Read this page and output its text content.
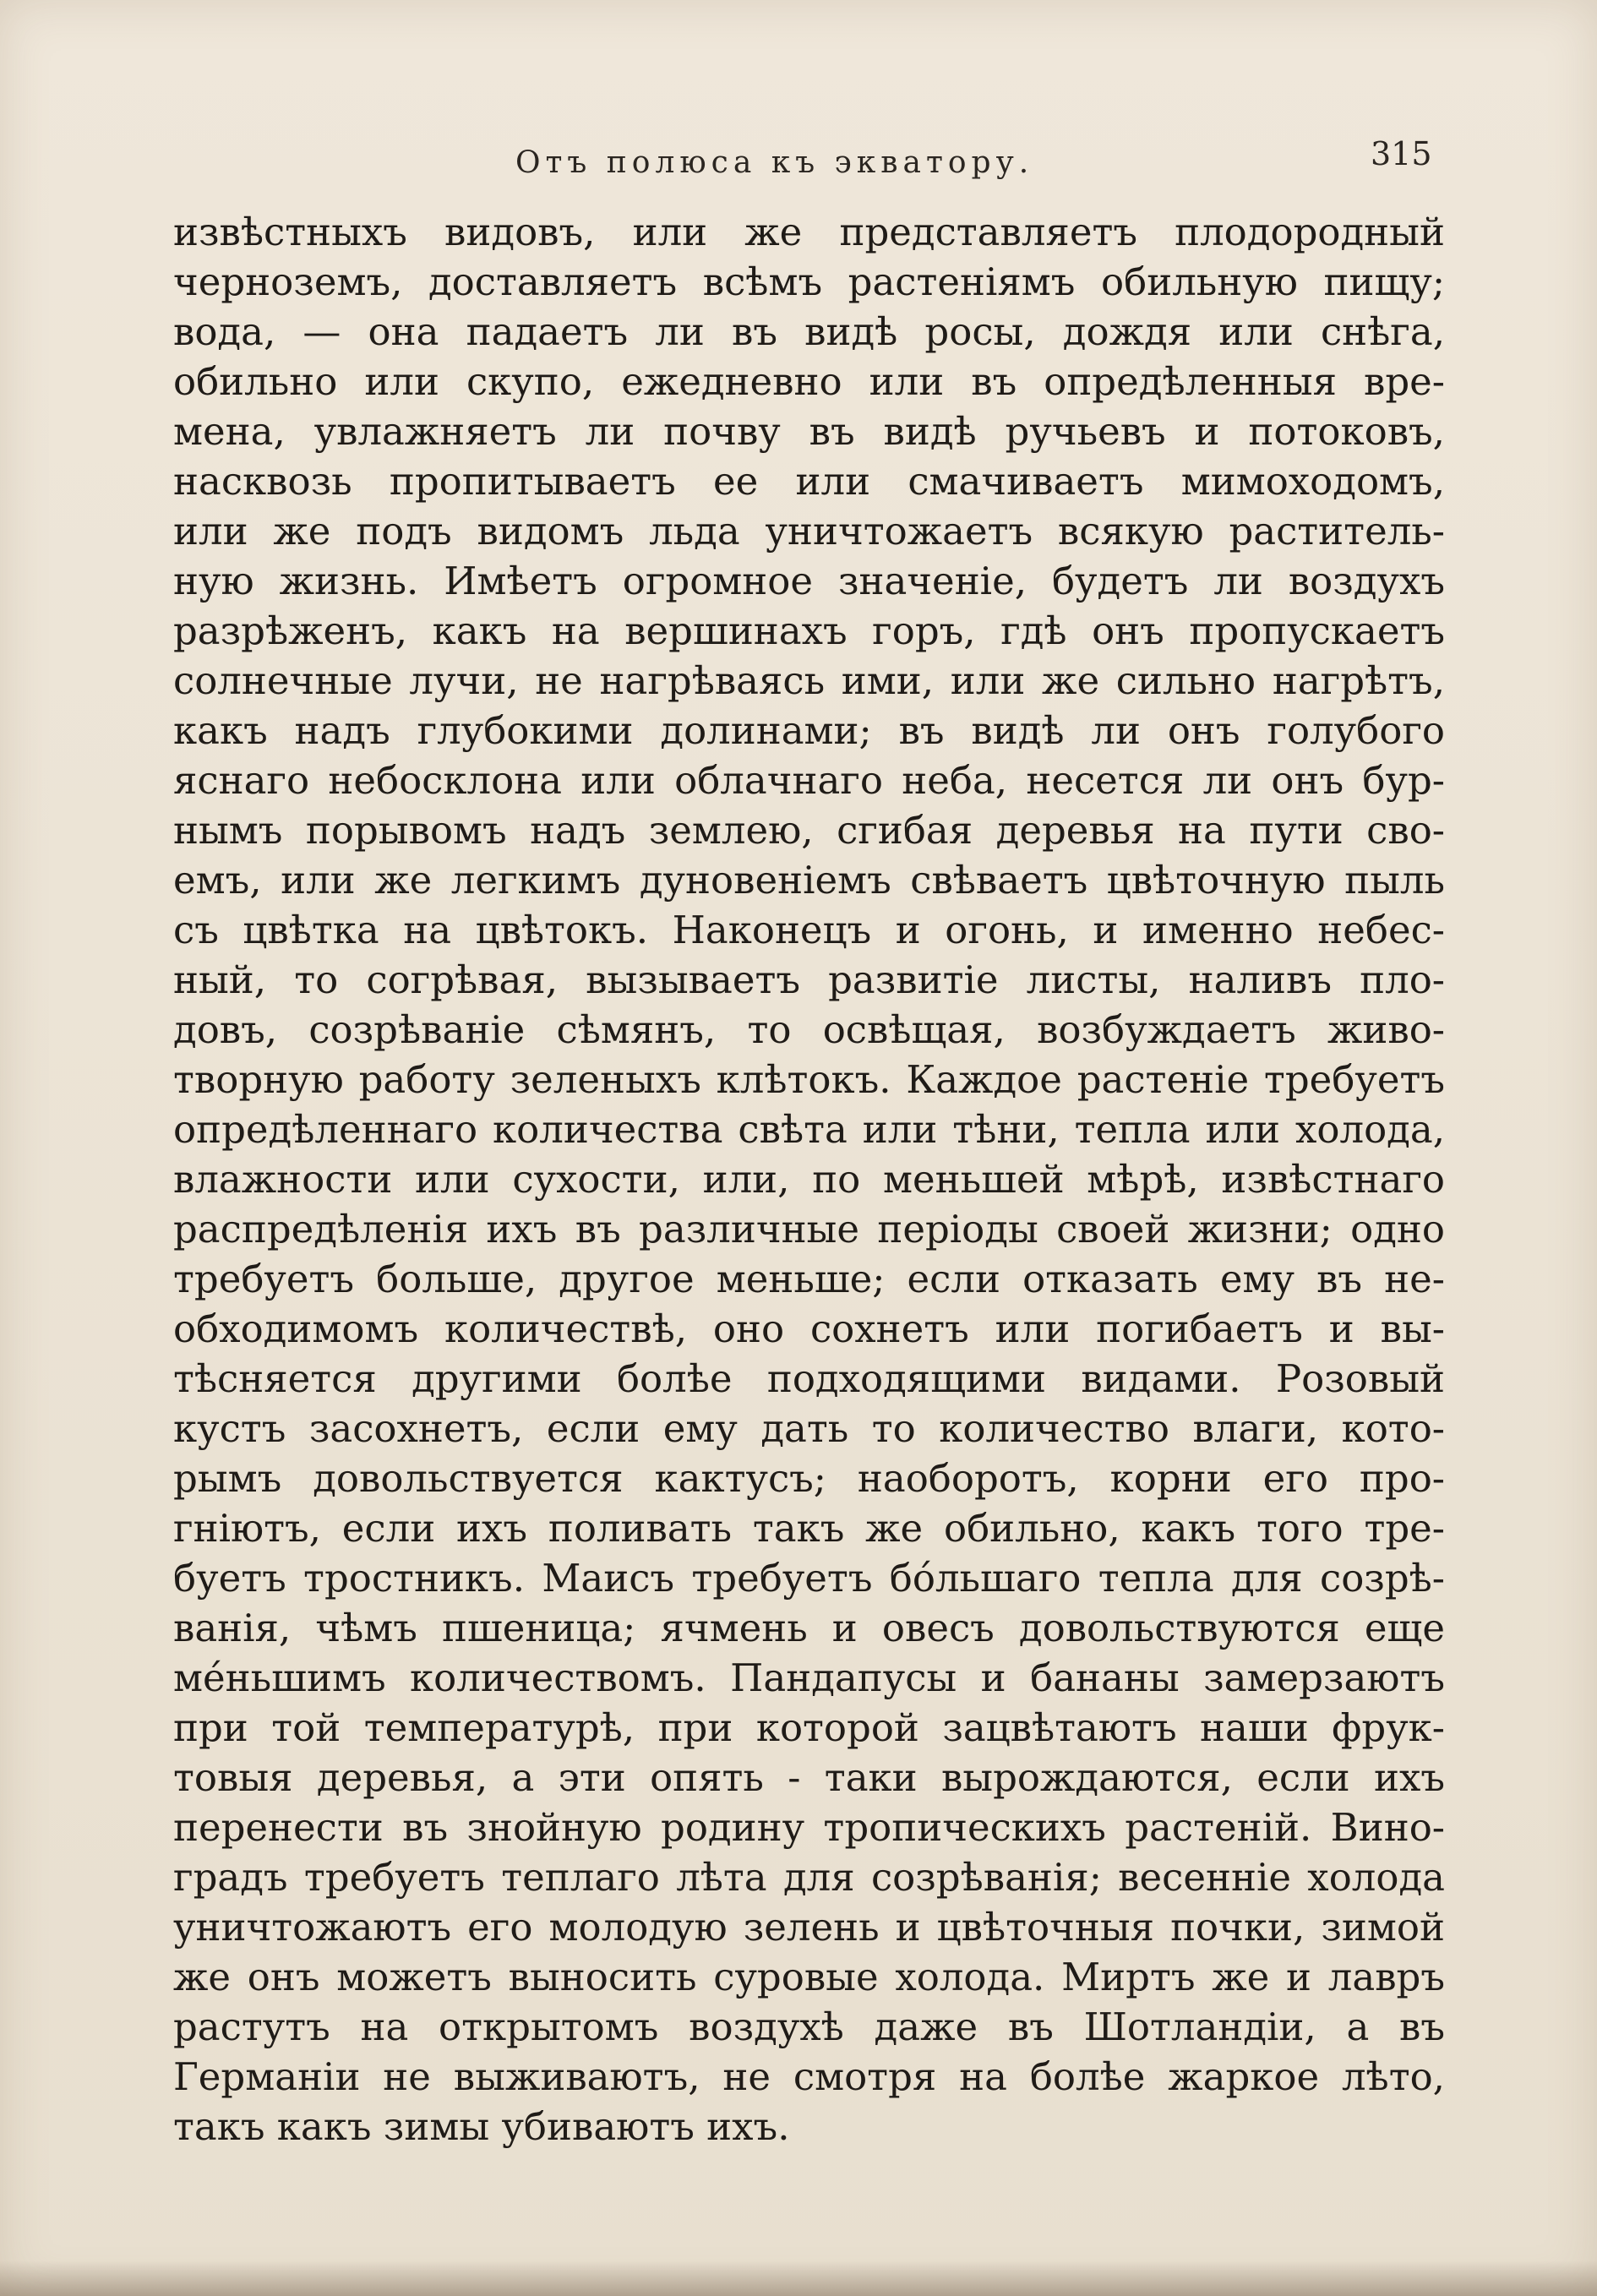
Отъ полюса къ экватору.	315
извѣстныхъ видовъ, или же представляетъ плодородный
черноземъ, доставляетъ всѣмъ растеніямъ обильную пищу;
вода, — она падаетъ ли въ видѣ росы, дождя или снѣга,
обильно или скупо, ежедневно или въ опредѣленныя вре-
мена, увлажняетъ ли почву въ видѣ ручьевъ и потоковъ,
насквозь пропитываетъ ее или смачиваетъ мимоходомъ,
или же подъ видомъ льда уничтожаетъ всякую раститель-
ную жизнь. Имѣетъ огромное значеніе, будетъ ли воздухъ
разрѣженъ, какъ на вершинахъ горъ, гдѣ онъ пропускаетъ
солнечные лучи, не нагрѣваясь ими, или же сильно нагрѣтъ,
какъ надъ глубокими долинами; въ видѣ ли онъ голубого
яснаго небосклона или облачнаго неба, несется ли онъ бур-
нымъ порывомъ надъ землею, сгибая деревья на пути сво-
емъ, или же легкимъ дуновеніемъ свѣваетъ цвѣточную пыль
съ цвѣтка на цвѣтокъ. Наконецъ и огонь, и именно небес-
ный, то согрѣвая, вызываетъ развитіе листы, наливъ пло-
довъ, созрѣваніе сѣмянъ, то освѣщая, возбуждаетъ живо-
творную работу зеленыхъ клѣтокъ. Каждое растеніе требуетъ
опредѣленнаго количества свѣта или тѣни, тепла или холода,
влажности или сухости, или, по меньшей мѣрѣ, извѣстнаго
распредѣленія ихъ въ различные періоды своей жизни; одно
требуетъ больше, другое меньше; если отказать ему въ не-
обходимомъ количествѣ, оно сохнетъ или погибаетъ и вы-
тѣсняется другими болѣе подходящими видами. Розовый
кустъ засохнетъ, если ему дать то количество влаги, кото-
рымъ довольствуется кактусъ; наоборотъ, корни его про-
гніютъ, если ихъ поливать такъ же обильно, какъ того тре-
буетъ тростникъ. Маисъ требуетъ бóльшаго тепла для созрѣ-
ванія, чѣмъ пшеница; ячмень и овесъ довольствуются еще
мéньшимъ количествомъ. Пандапусы и бананы замерзаютъ
при той температурѣ, при которой зацвѣтаютъ наши фрук-
товыя деревья, а эти опять - таки вырождаются, если ихъ
перенести въ знойную родину тропическихъ растеній. Вино-
градъ требуетъ теплаго лѣта для созрѣванія; весенніе холода
уничтожаютъ его молодую зелень и цвѣточныя почки, зимой
же онъ можетъ выносить суровые холода. Миртъ же и лавръ
растутъ на открытомъ воздухѣ даже въ Шотландіи, а въ
Германіи не выживаютъ, не смотря на болѣе жаркое лѣто,
такъ какъ зимы убиваютъ ихъ.
